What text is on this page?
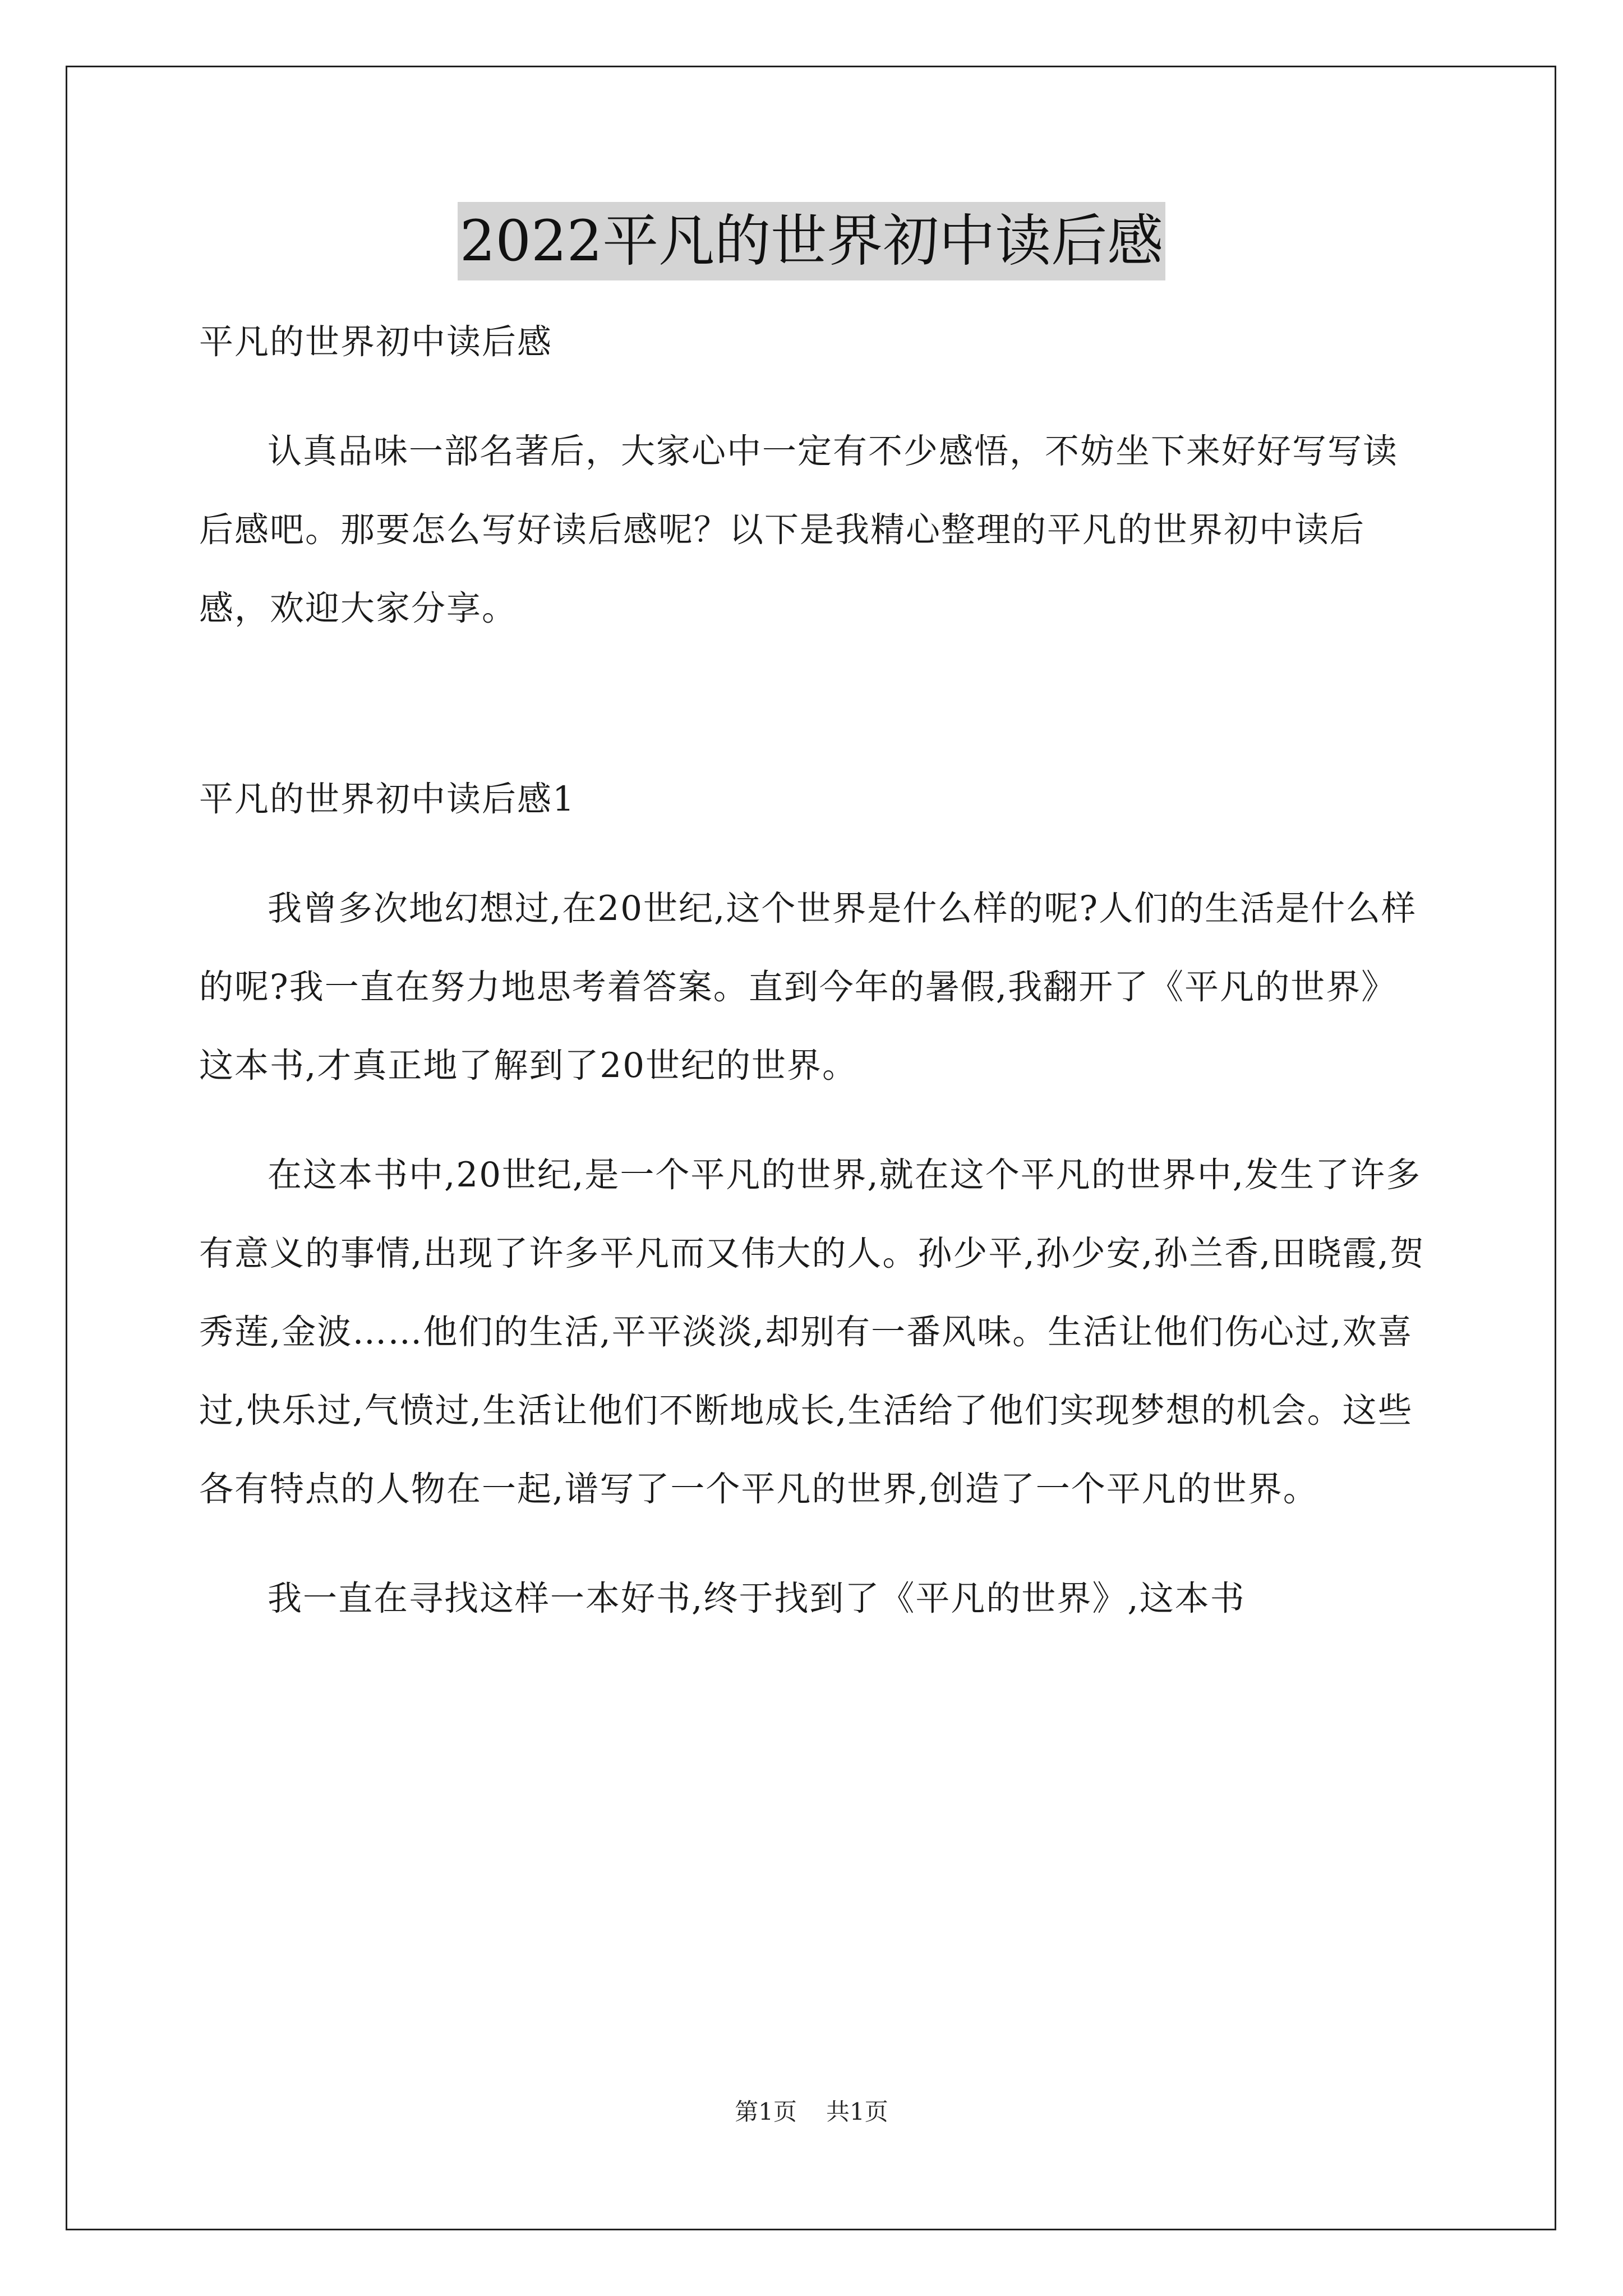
2022平凡的世界初中读后感

平凡的世界初中读后感

认真品味一部名著后，大家心中一定有不少感悟，不妨坐下来好好写写读后感吧。那要怎么写好读后感呢？以下是我精心整理的平凡的世界初中读后感，欢迎大家分享。

平凡的世界初中读后感1

我曾多次地幻想过,在20世纪,这个世界是什么样的呢?人们的生活是什么样的呢?我一直在努力地思考着答案。直到今年的暑假,我翻开了《平凡的世界》这本书,才真正地了解到了20世纪的世界。

在这本书中,20世纪,是一个平凡的世界,就在这个平凡的世界中,发生了许多有意义的事情,出现了许多平凡而又伟大的人。孙少平,孙少安,孙兰香,田晓霞,贺秀莲,金波……他们的生活,平平淡淡,却别有一番风味。生活让他们伤心过,欢喜过,快乐过,气愤过,生活让他们不断地成长,生活给了他们实现梦想的机会。这些各有特点的人物在一起,谱写了一个平凡的世界,创造了一个平凡的世界。

我一直在寻找这样一本好书,终于找到了《平凡的世界》,这本书

第1页 共1页
